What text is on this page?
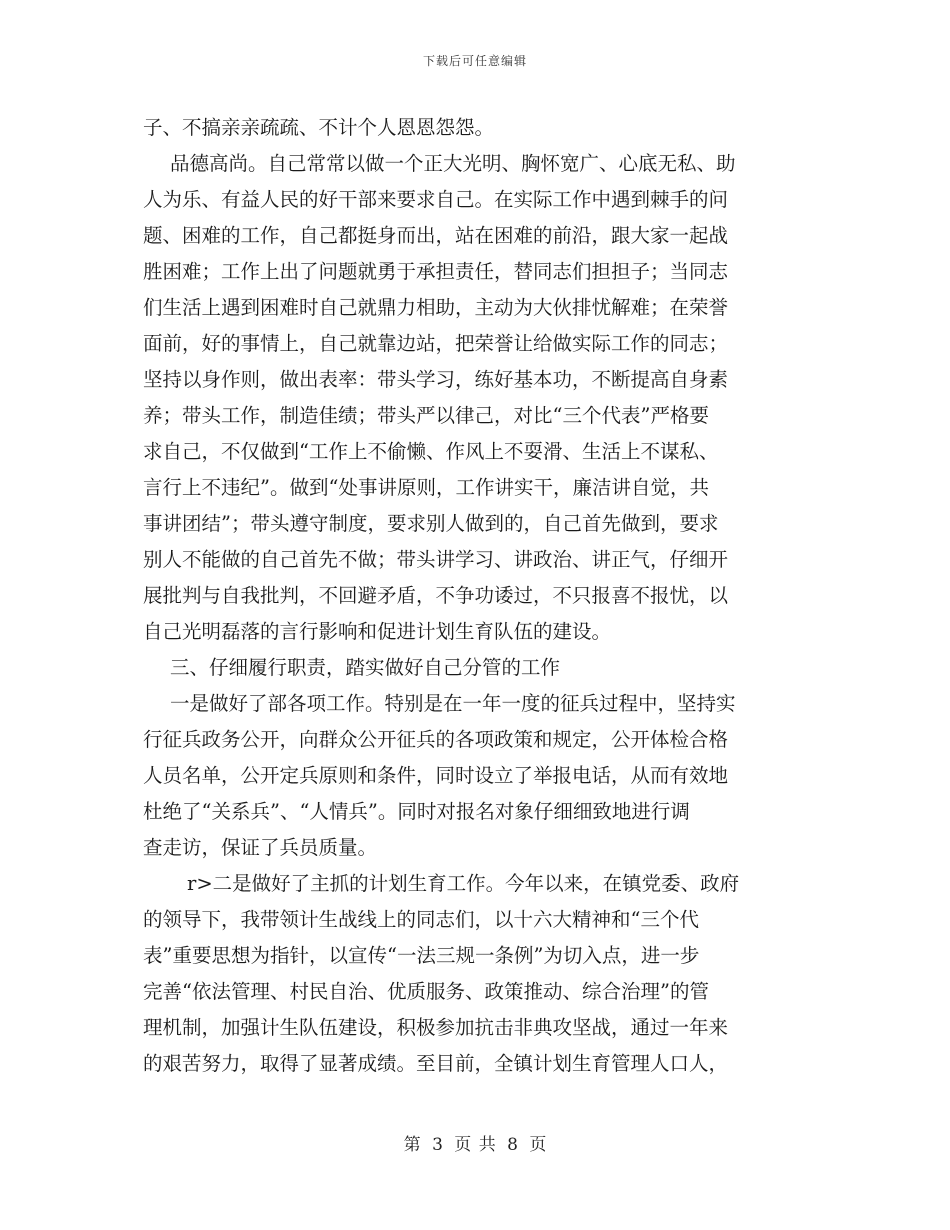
下载后可任意编辑
子、不搞亲亲疏疏、不计个人恩恩怨怨。
品德高尚。自己常常以做一个正大光明、胸怀宽广、心底无私、助
人为乐、有益人民的好干部来要求自己。在实际工作中遇到棘手的问
题、困难的工作，自己都挺身而出，站在困难的前沿，跟大家一起战
胜困难；工作上出了问题就勇于承担责任，替同志们担担子；当同志
们生活上遇到困难时自己就鼎力相助，主动为大伙排忧解难；在荣誉
面前，好的事情上，自己就靠边站，把荣誉让给做实际工作的同志；
坚持以身作则，做出表率：带头学习，练好基本功，不断提高自身素
养；带头工作，制造佳绩；带头严以律己，对比“三个代表”严格要
求自己，不仅做到“工作上不偷懒、作风上不耍滑、生活上不谋私、
言行上不违纪”。做到“处事讲原则，工作讲实干，廉洁讲自觉，共
事讲团结”；带头遵守制度，要求别人做到的，自己首先做到，要求
别人不能做的自己首先不做；带头讲学习、讲政治、讲正气，仔细开
展批判与自我批判，不回避矛盾，不争功诿过，不只报喜不报忧，以
自己光明磊落的言行影响和促进计划生育队伍的建设。
三、仔细履行职责，踏实做好自己分管的工作
一是做好了部各项工作。特别是在一年一度的征兵过程中，坚持实
行征兵政务公开，向群众公开征兵的各项政策和规定，公开体检合格
人员名单，公开定兵原则和条件，同时设立了举报电话，从而有效地
杜绝了“关系兵”、“人情兵”。同时对报名对象仔细细致地进行调
查走访，保证了兵员质量。
r>二是做好了主抓的计划生育工作。今年以来，在镇党委、政府
的领导下，我带领计生战线上的同志们，以十六大精神和“三个代
表”重要思想为指针，以宣传“一法三规一条例”为切入点，进一步
完善“依法管理、村民自治、优质服务、政策推动、综合治理”的管
理机制，加强计生队伍建设，积极参加抗击非典攻坚战，通过一年来
的艰苦努力，取得了显著成绩。至目前，全镇计划生育管理人口人，
第 3 页 共 8 页
